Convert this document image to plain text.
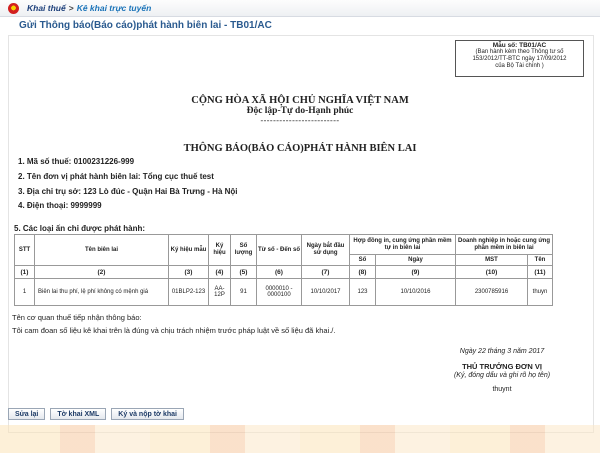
Khai thuế > Kê khai trực tuyến
Gửi Thông báo(Báo cáo)phát hành biên lai - TB01/AC
Mẫu số: TB01/AC
(Ban hành kèm theo Thông tư số
153/2012/TT-BTC ngày 17/09/2012
của Bộ Tài chính )
CỘNG HÒA XÃ HỘI CHỦ NGHĨA VIỆT NAM
Độc lập-Tự do-Hạnh phúc
-------------------------
THÔNG BÁO(BÁO CÁO)PHÁT HÀNH BIÊN LAI
1. Mã số thuế: 0100231226-999
2. Tên đơn vị phát hành biên lai: Tổng cục thuế test
3. Địa chỉ trụ sở: 123 Lò đúc - Quận Hai Bà Trưng - Hà Nội
4. Điện thoại: 9999999
5. Các loại ấn chỉ được phát hành:
STT	Tên biên lai	Ký hiệu mẫu	Ký hiệu	Số lượng	Từ số - Đến số	Ngày bắt đầu sử dụng	Hợp đồng in, cung ứng phần mềm tự in biên lai		Doanh nghiệp in hoặc cung ứng phần mềm in biên lai	
							Số	Ngày	MST	Tên
(1)	(2)	(3)	(4)	(5)	(6)	(7)	(8)	(9)	(10)	(11)
1	Biên lai thu phí, lệ phí không có mệnh giá	01BLP2-123	AA-12P	91	0000010 - 0000100	10/10/2017	123	10/10/2016	2300785916	thuyn
Tên cơ quan thuế tiếp nhận thông báo:
Tôi cam đoan số liệu kê khai trên là đúng và chịu trách nhiệm trước pháp luật về số liệu đã khai./.
Ngày 22 tháng 3 năm 2017
THỦ TRƯỞNG ĐƠN VỊ
(Ký, đóng dấu và ghi rõ họ tên)
thuynt
Sửa lại	Tờ khai XML	Ký và nộp tờ khai
